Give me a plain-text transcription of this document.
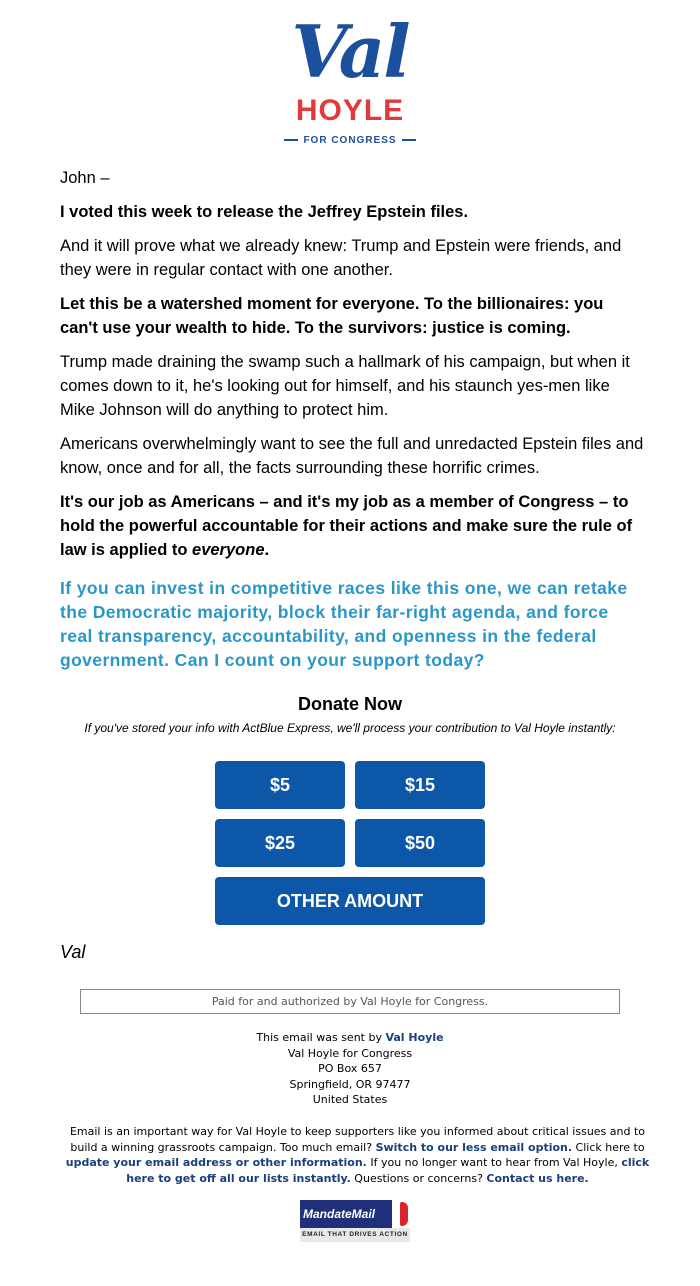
Val
HOYLE
FOR CONGRESS

John –

I voted this week to release the Jeffrey Epstein files.

And it will prove what we already knew: Trump and Epstein were friends, and they were in regular contact with one another.

Let this be a watershed moment for everyone. To the billionaires: you can't use your wealth to hide. To the survivors: justice is coming.

Trump made draining the swamp such a hallmark of his campaign, but when it comes down to it, he's looking out for himself, and his staunch yes-men like Mike Johnson will do anything to protect him.

Americans overwhelmingly want to see the full and unredacted Epstein files and know, once and for all, the facts surrounding these horrific crimes.

It's our job as Americans – and it's my job as a member of Congress – to hold the powerful accountable for their actions and make sure the rule of law is applied to everyone.

If you can invest in competitive races like this one, we can retake the Democratic majority, block their far-right agenda, and force real transparency, accountability, and openness in the federal government. Can I count on your support today?

Donate Now
If you've stored your info with ActBlue Express, we'll process your contribution to Val Hoyle instantly:
$5	$15
$25	$50
OTHER AMOUNT
Val
Paid for and authorized by Val Hoyle for Congress.
This email was sent by Val Hoyle
Val Hoyle for Congress
PO Box 657
Springfield, OR 97477
United States
Email is an important way for Val Hoyle to keep supporters like you informed about critical issues and to build a winning grassroots campaign. Too much email? Switch to our less email option. Click here to update your email address or other information. If you no longer want to hear from Val Hoyle, click here to get off all our lists instantly. Questions or concerns? Contact us here.
MandateMail
EMAIL THAT DRIVES ACTION
